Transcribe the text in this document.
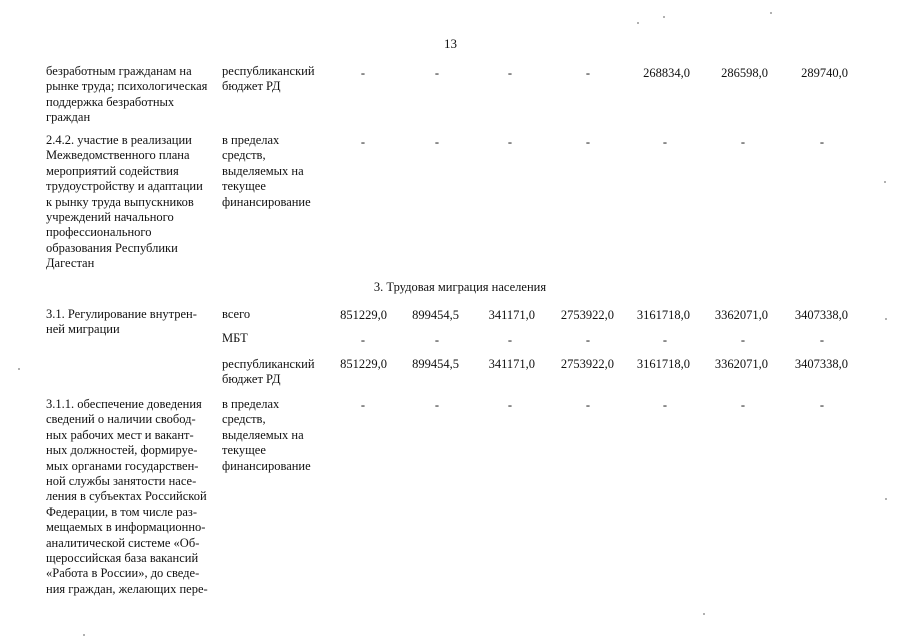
13
безработным гражданам на
рынке труда; психологическая
поддержка безработных
граждан
республиканский
бюджет РД
-	-	-	-	268834,0 286598,0	289740,0
2.4.2. участие в реализации
Межведомственного плана
мероприятий содействия
трудоустройству и адаптации
к рынку труда выпускников
учреждений начального
профессионального
образования Республики
Дагестан
в пределах
средств,
выделяемых на
текущее
финансирование
-	-	-	-	-	-	-
3. Трудовая миграция населения
3.1. Регулирование внутрен-
ней миграции
всего	851229,0 899454,5 341171,0 2753922,0 3161718,0 3362071,0 3407338,0
МБТ	-	-	-	-	-	-	-
республиканский
бюджет РД
851229,0 899454,5 341171,0 2753922,0 3161718,0 3362071,0 3407338,0
3.1.1. обеспечение доведения
сведений о наличии свобод-
ных рабочих мест и вакант-
ных должностей, формируе-
мых органами государствен-
ной службы занятости насе-
ления в субъектах Российской
Федерации, в том числе раз-
мещаемых в информационно-
аналитической системе «Об-
щероссийская база вакансий
«Работа в России», до сведе-
ния граждан, желающих пере-
в пределах
средств,
выделяемых на
текущее
финансирование
-	-	-	-	-	-	-
